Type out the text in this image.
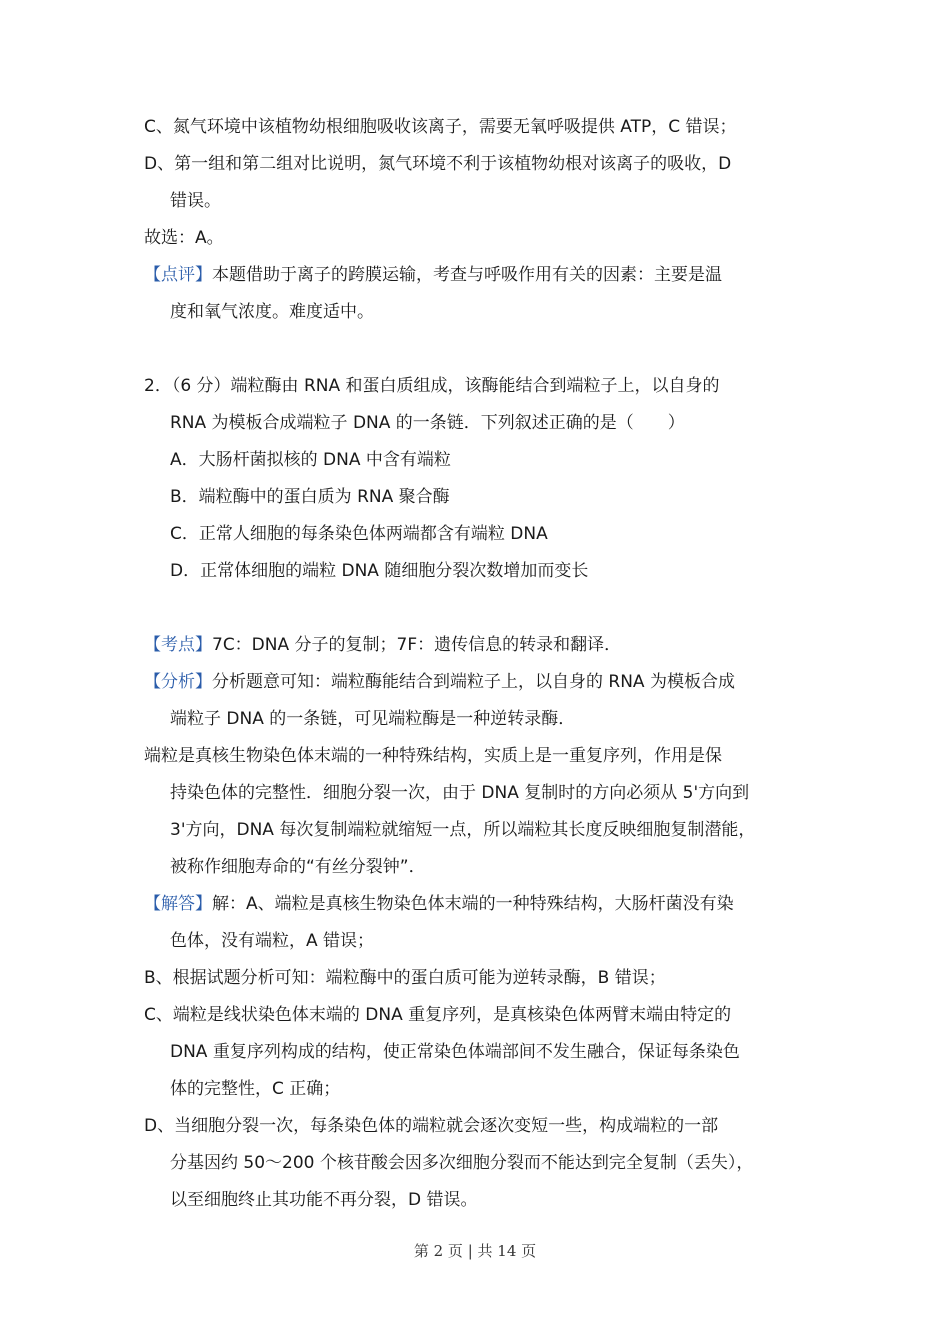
C、氮气环境中该植物幼根细胞吸收该离子，需要无氧呼吸提供 ATP，C 错误；
D、第一组和第二组对比说明，氮气环境不利于该植物幼根对该离子的吸收，D
错误。
故选：A。
【点评】本题借助于离子的跨膜运输，考查与呼吸作用有关的因素：主要是温
度和氧气浓度。难度适中。
2．（6 分）端粒酶由 RNA 和蛋白质组成，该酶能结合到端粒子上，以自身的
RNA 为模板合成端粒子 DNA 的一条链．下列叙述正确的是（　　）
A．大肠杆菌拟核的 DNA 中含有端粒
B．端粒酶中的蛋白质为 RNA 聚合酶
C．正常人细胞的每条染色体两端都含有端粒 DNA
D．正常体细胞的端粒 DNA 随细胞分裂次数增加而变长
【考点】7C：DNA 分子的复制；7F：遗传信息的转录和翻译．
【分析】分析题意可知：端粒酶能结合到端粒子上，以自身的 RNA 为模板合成
端粒子 DNA 的一条链，可见端粒酶是一种逆转录酶．
端粒是真核生物染色体末端的一种特殊结构，实质上是一重复序列，作用是保
持染色体的完整性．细胞分裂一次，由于 DNA 复制时的方向必须从 5'方向到
3'方向，DNA 每次复制端粒就缩短一点，所以端粒其长度反映细胞复制潜能，
被称作细胞寿命的“有丝分裂钟”．
【解答】解：A、端粒是真核生物染色体末端的一种特殊结构，大肠杆菌没有染
色体，没有端粒，A 错误；
B、根据试题分析可知：端粒酶中的蛋白质可能为逆转录酶，B 错误；
C、端粒是线状染色体末端的 DNA 重复序列，是真核染色体两臂末端由特定的
DNA 重复序列构成的结构，使正常染色体端部间不发生融合，保证每条染色
体的完整性，C 正确；
D、当细胞分裂一次，每条染色体的端粒就会逐次变短一些，构成端粒的一部
分基因约 50～200 个核苷酸会因多次细胞分裂而不能达到完全复制（丢失），
以至细胞终止其功能不再分裂，D 错误。
第 2 页 | 共 14 页
